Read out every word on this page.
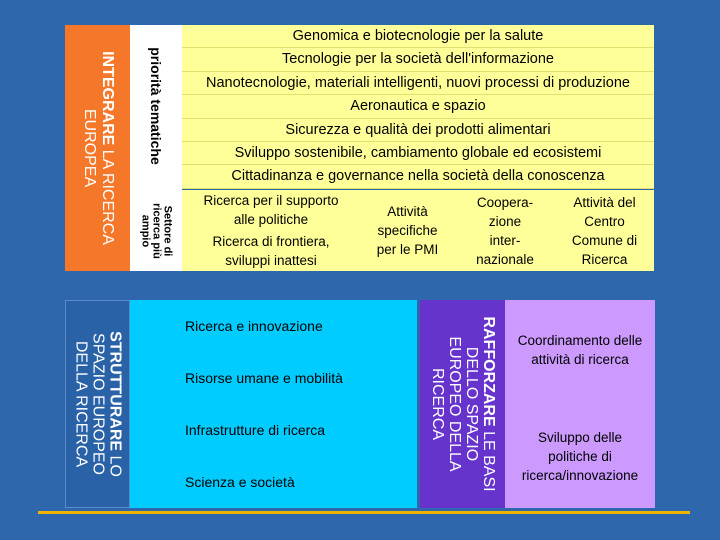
INTEGRARE LA RICERCA
EUROPEA	priorità tematiche
Settore di
ricerca più
ampio
Genomica e biotecnologie per la salute
Tecnologie per la società dell'informazione
Nanotecnologie, materiali intelligenti, nuovi processi di produzione
Aeronautica e spazio
Sicurezza e qualità dei prodotti alimentari
Sviluppo sostenibile, cambiamento globale ed ecosistemi
Cittadinanza e governance nella società della conoscenza
Ricerca per il supporto
alle politiche
Ricerca di frontiera,
sviluppi inattesi
Attività
specifiche
per le PMI
Coopera-
zione
inter-
nazionale
Attività del
Centro
Comune di
Ricerca
STRUTTURARE LO
SPAZIO EUROPEO
DELLA RICERCA
Ricerca e innovazione
Risorse umane e mobilità
Infrastrutture di ricerca
Scienza e società
RAFFORZARE LE BASI
DELLO SPAZIO
EUROPEO DELLA
RICERCA
Coordinamento delle
attività di ricerca
Sviluppo delle
politiche di
ricerca/innovazione
